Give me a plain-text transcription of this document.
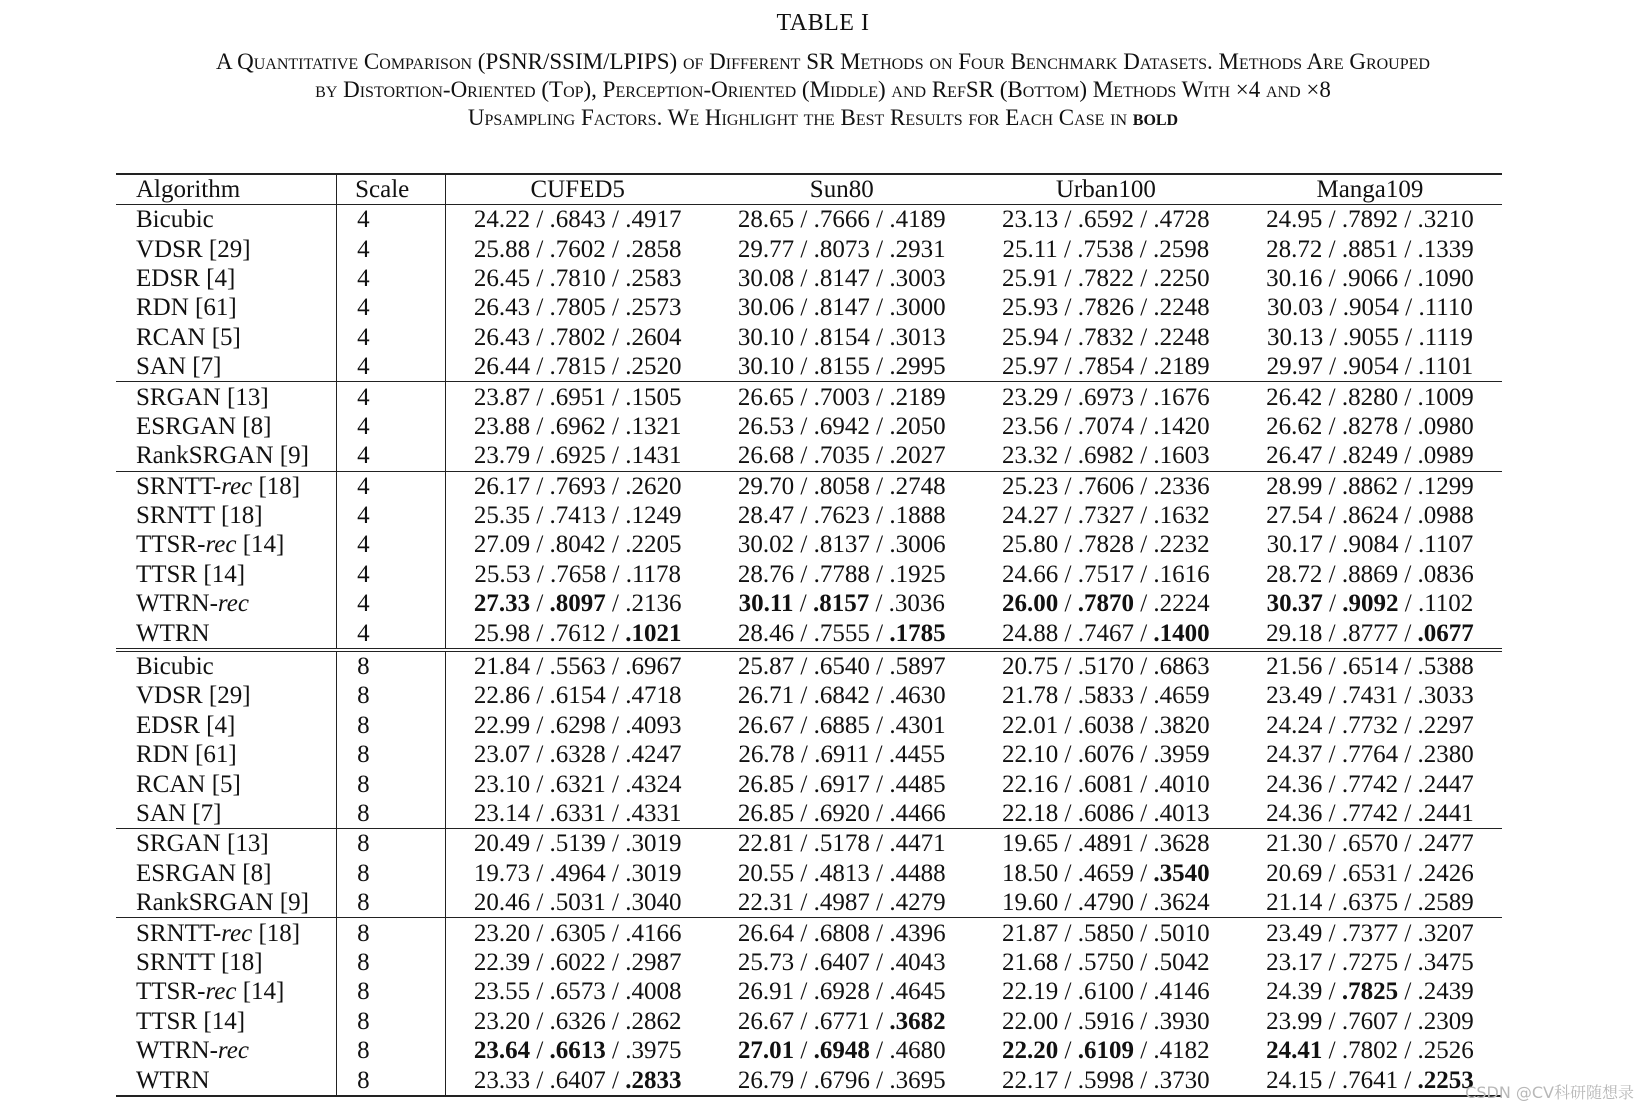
TABLE I
A Quantitative Comparison (PSNR/SSIM/LPIPS) of Different SR Methods on Four Benchmark Datasets. Methods Are Grouped
by Distortion-Oriented (Top), Perception-Oriented (Middle) and RefSR (Bottom) Methods With ×4 and ×8
Upsampling Factors. We Highlight the Best Results for Each Case in bold
Algorithm	Scale	CUFED5	Sun80	Urban100	Manga109
Bicubic	4	24.22 / .6843 / .4917	28.65 / .7666 / .4189	23.13 / .6592 / .4728	24.95 / .7892 / .3210
VDSR [29]	4	25.88 / .7602 / .2858	29.77 / .8073 / .2931	25.11 / .7538 / .2598	28.72 / .8851 / .1339
EDSR [4]	4	26.45 / .7810 / .2583	30.08 / .8147 / .3003	25.91 / .7822 / .2250	30.16 / .9066 / .1090
RDN [61]	4	26.43 / .7805 / .2573	30.06 / .8147 / .3000	25.93 / .7826 / .2248	30.03 / .9054 / .1110
RCAN [5]	4	26.43 / .7802 / .2604	30.10 / .8154 / .3013	25.94 / .7832 / .2248	30.13 / .9055 / .1119
SAN [7]	4	26.44 / .7815 / .2520	30.10 / .8155 / .2995	25.97 / .7854 / .2189	29.97 / .9054 / .1101
SRGAN [13]	4	23.87 / .6951 / .1505	26.65 / .7003 / .2189	23.29 / .6973 / .1676	26.42 / .8280 / .1009
ESRGAN [8]	4	23.88 / .6962 / .1321	26.53 / .6942 / .2050	23.56 / .7074 / .1420	26.62 / .8278 / .0980
RankSRGAN [9]	4	23.79 / .6925 / .1431	26.68 / .7035 / .2027	23.32 / .6982 / .1603	26.47 / .8249 / .0989
SRNTT-rec [18]	4	26.17 / .7693 / .2620	29.70 / .8058 / .2748	25.23 / .7606 / .2336	28.99 / .8862 / .1299
SRNTT [18]	4	25.35 / .7413 / .1249	28.47 / .7623 / .1888	24.27 / .7327 / .1632	27.54 / .8624 / .0988
TTSR-rec [14]	4	27.09 / .8042 / .2205	30.02 / .8137 / .3006	25.80 / .7828 / .2232	30.17 / .9084 / .1107
TTSR [14]	4	25.53 / .7658 / .1178	28.76 / .7788 / .1925	24.66 / .7517 / .1616	28.72 / .8869 / .0836
WTRN-rec	4	27.33 / .8097 / .2136	30.11 / .8157 / .3036	26.00 / .7870 / .2224	30.37 / .9092 / .1102
WTRN	4	25.98 / .7612 / .1021	28.46 / .7555 / .1785	24.88 / .7467 / .1400	29.18 / .8777 / .0677
Bicubic	8	21.84 / .5563 / .6967	25.87 / .6540 / .5897	20.75 / .5170 / .6863	21.56 / .6514 / .5388
VDSR [29]	8	22.86 / .6154 / .4718	26.71 / .6842 / .4630	21.78 / .5833 / .4659	23.49 / .7431 / .3033
EDSR [4]	8	22.99 / .6298 / .4093	26.67 / .6885 / .4301	22.01 / .6038 / .3820	24.24 / .7732 / .2297
RDN [61]	8	23.07 / .6328 / .4247	26.78 / .6911 / .4455	22.10 / .6076 / .3959	24.37 / .7764 / .2380
RCAN [5]	8	23.10 / .6321 / .4324	26.85 / .6917 / .4485	22.16 / .6081 / .4010	24.36 / .7742 / .2447
SAN [7]	8	23.14 / .6331 / .4331	26.85 / .6920 / .4466	22.18 / .6086 / .4013	24.36 / .7742 / .2441
SRGAN [13]	8	20.49 / .5139 / .3019	22.81 / .5178 / .4471	19.65 / .4891 / .3628	21.30 / .6570 / .2477
ESRGAN [8]	8	19.73 / .4964 / .3019	20.55 / .4813 / .4488	18.50 / .4659 / .3540	20.69 / .6531 / .2426
RankSRGAN [9]	8	20.46 / .5031 / .3040	22.31 / .4987 / .4279	19.60 / .4790 / .3624	21.14 / .6375 / .2589
SRNTT-rec [18]	8	23.20 / .6305 / .4166	26.64 / .6808 / .4396	21.87 / .5850 / .5010	23.49 / .7377 / .3207
SRNTT [18]	8	22.39 / .6022 / .2987	25.73 / .6407 / .4043	21.68 / .5750 / .5042	23.17 / .7275 / .3475
TTSR-rec [14]	8	23.55 / .6573 / .4008	26.91 / .6928 / .4645	22.19 / .6100 / .4146	24.39 / .7825 / .2439
TTSR [14]	8	23.20 / .6326 / .2862	26.67 / .6771 / .3682	22.00 / .5916 / .3930	23.99 / .7607 / .2309
WTRN-rec	8	23.64 / .6613 / .3975	27.01 / .6948 / .4680	22.20 / .6109 / .4182	24.41 / .7802 / .2526
WTRN	8	23.33 / .6407 / .2833	26.79 / .6796 / .3695	22.17 / .5998 / .3730	24.15 / .7641 / .2253
CSDN @CV科研随想录
